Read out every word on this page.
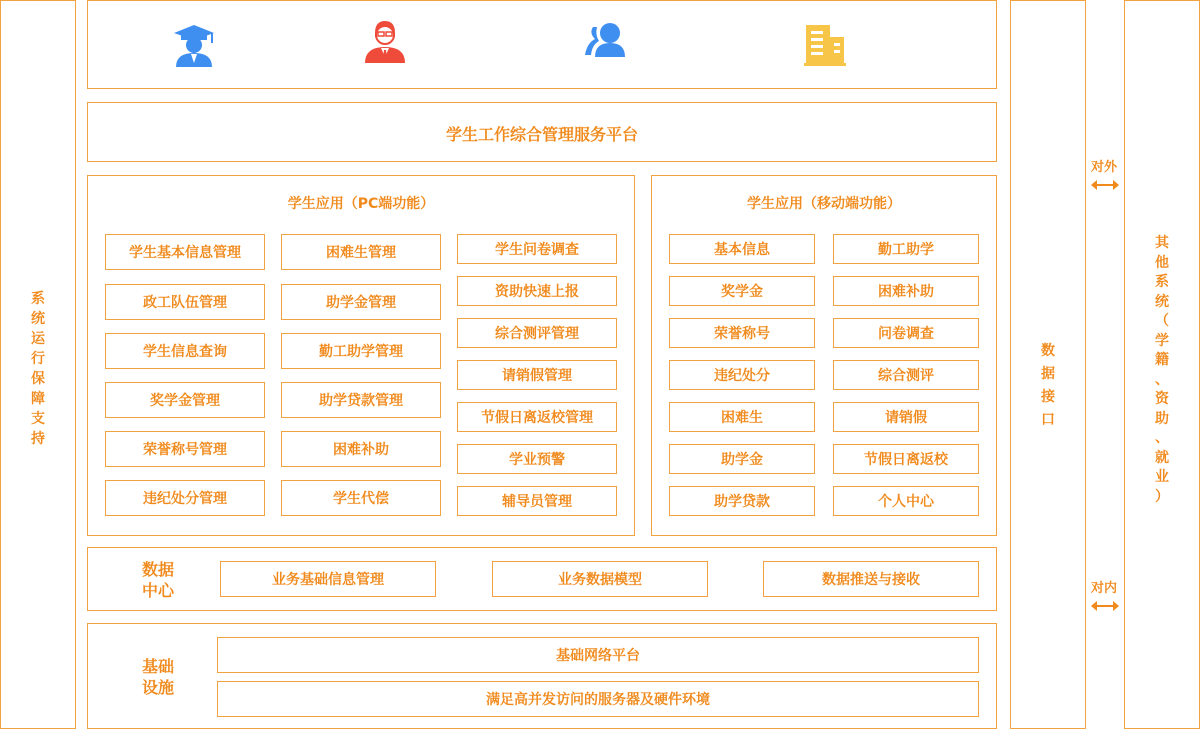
系
统
运
行
保
障
支
持
学生工作综合管理服务平台
学生应用（PC端功能）
学生基本信息管理
政工队伍管理
学生信息查询
奖学金管理
荣誉称号管理
违纪处分管理
困难生管理
助学金管理
勤工助学管理
助学贷款管理
困难补助
学生代偿
学生问卷调查
资助快速上报
综合测评管理
请销假管理
节假日离返校管理
学业预警
辅导员管理
学生应用（移动端功能）
基本信息
奖学金
荣誉称号
违纪处分
困难生
助学金
助学贷款
勤工助学
困难补助
问卷调查
综合测评
请销假
节假日离返校
个人中心
数据
中心
业务基础信息管理	业务数据模型	数据推送与接收
基础
设施
基础网络平台
满足高并发访问的服务器及硬件环境
数
据
接
口
对外
对内
其
他
系
统
（
学
籍
、
资
助
、
就
业
）
